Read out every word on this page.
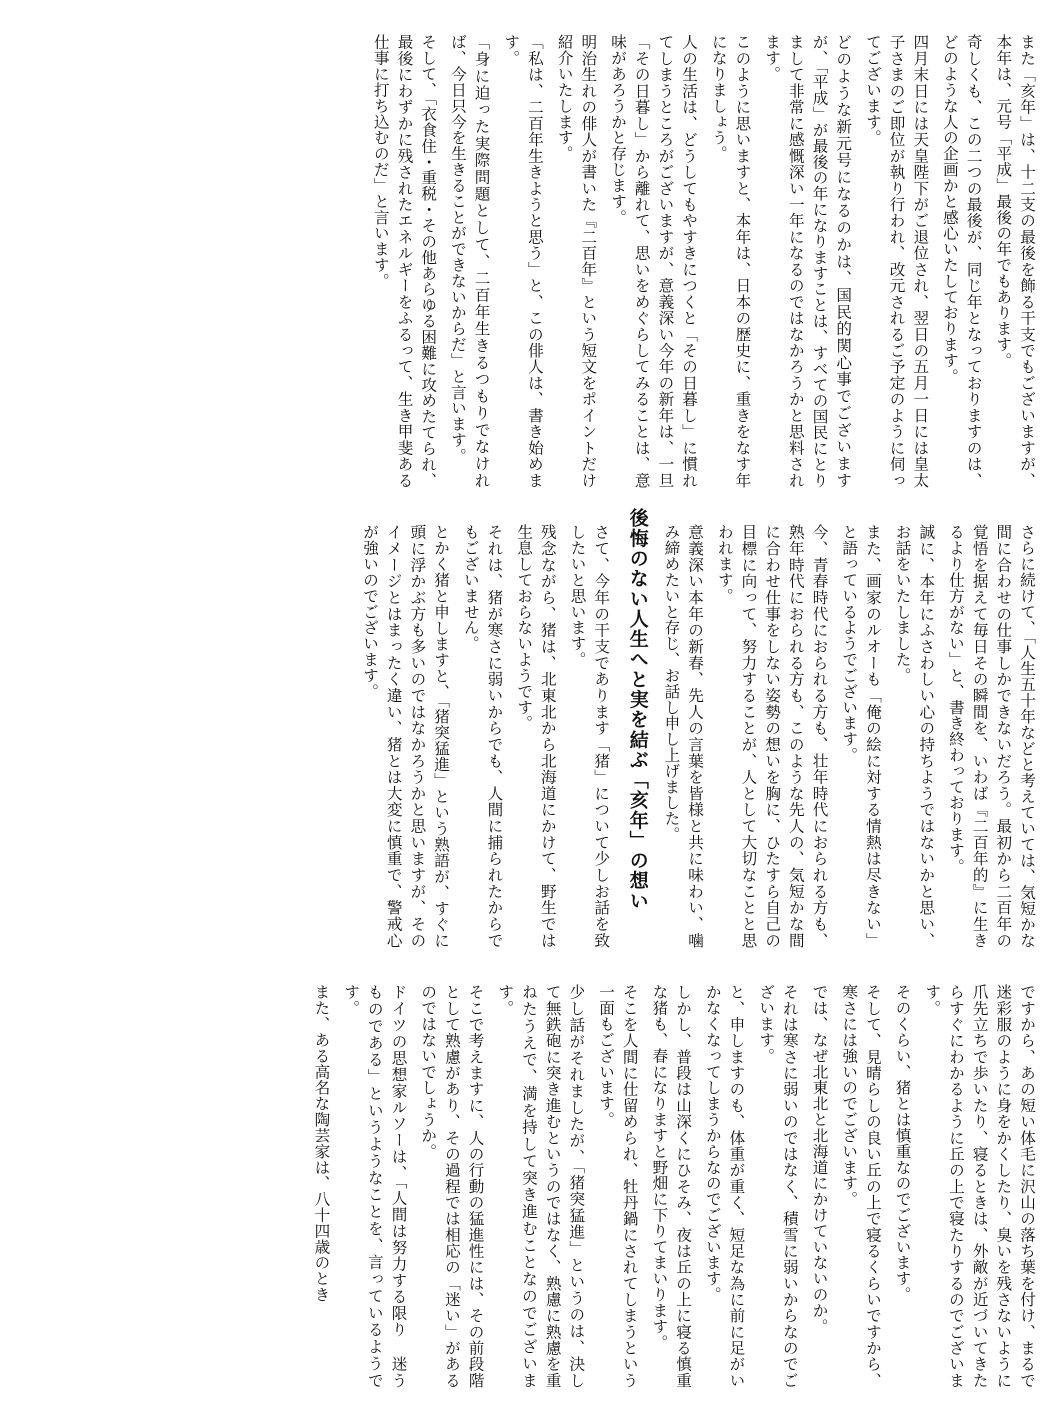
また「亥年」は、十二支の最後を飾る干支でもございますが、本年は、元号「平成」最後の年でもあります。
奇しくも、この二つの最後が、同じ年となっておりますのは、どのような人の企画かと感心いたしております。
四月末日には天皇陛下がご退位され、翌日の五月一日には皇太子さまのご即位が執り行われ、改元されるご予定のように伺ってございます。
どのような新元号になるのかは、国民的関心事でございますが、「平成」が最後の年になりますことは、すべての国民にとりまして非常に感慨深い一年になるのではなかろうかと思料されます。
このように思いますと、本年は、日本の歴史に、重きをなす年になりましょう。
人の生活は、どうしてもやすきにつくと「その日暮し」に慣れてしまうところがございますが、意義深い今年の新年は、一旦「その日暮し」から離れて、思いをめぐらしてみることは、意味があろうかと存じます。
明治生れの俳人が書いた『二百年』という短文をポイントだけ紹介いたします。
「私は、二百年生きようと思う」と、この俳人は、書き始めます。
「身に迫った実際問題として、二百年生きるつもりでなければ、今日只今を生きることができないからだ」と言います。
そして、「衣食住・重税・その他あらゆる困難に攻めたてられ、最後にわずかに残されたエネルギーをふるって、生き甲斐ある仕事に打ち込むのだ」と言います。
さらに続けて、「人生五十年などと考えていては、気短かな間に合わせの仕事しかできないだろう。最初から二百年の覚悟を据えて毎日その瞬間を、いわば『二百年的』に生きるより仕方がない」と、書き終わっております。
誠に、本年にふさわしい心の持ちようではないかと思い、お話をいたしました。
また、画家のルオーも「俺の絵に対する情熱は尽きない」と語っているようでございます。
今、青春時代におられる方も、壮年時代におられる方も、熟年時代におられる方も、このような先人の、気短かな間に合わせ仕事をしない姿勢の想いを胸に、ひたすら自己の目標に向って、努力することが、人として大切なことと思われます。
意義深い本年の新春、先人の言葉を皆様と共に味わい、噛み締めたいと存じ、お話し申し上げました。
後悔のない人生へと実を結ぶ「亥年」の想い
さて、今年の干支であります「猪」について少しお話を致したいと思います。
残念ながら、猪は、北東北から北海道にかけて、野生では生息しておらないようです。
それは、猪が寒さに弱いからでも、人間に捕られたからでもございません。
とかく猪と申しますと、「猪突猛進」という熟語が、すぐに頭に浮かぶ方も多いのではなかろうかと思いますが、そのイメージとはまったく違い、猪とは大変に慎重で、警戒心が強いのでございます。
ですから、あの短い体毛に沢山の落ち葉を付け、まるで迷彩服のように身をかくしたり、臭いを残さないように爪先立ちで歩いたり、寝るときは、外敵が近づいてきたらすぐにわかるように丘の上で寝たりするのでございます。
そのくらい、猪とは慎重なのでございます。
そして、見晴らしの良い丘の上で寝るくらいですから、寒さには強いのでございます。
では、なぜ北東北と北海道にかけていないのか。
それは寒さに弱いのではなく、積雪に弱いからなのでございます。
と、申しますのも、体重が重く、短足な為に前に足がいかなくなってしまうからなのでございます。
しかし、普段は山深くにひそみ、夜は丘の上に寝る慎重な猪も、春になりますと野畑に下りてまいります。
そこを人間に仕留められ、牡丹鍋にされてしまうという一面もございます。
少し話がそれましたが、「猪突猛進」というのは、決して無鉄砲に突き進むというのではなく、熟慮に熟慮を重ねたうえで、満を持して突き進むことなのでございます。
そこで考えますに、人の行動の猛進性には、その前段階として熟慮があり、その過程では相応の「迷い」があるのではないでしょうか。
ドイツの思想家ルソーは、「人間は努力する限り 迷うものである」というようなことを、言っているようです。
また、ある高名な陶芸家は、八十四歳のとき
